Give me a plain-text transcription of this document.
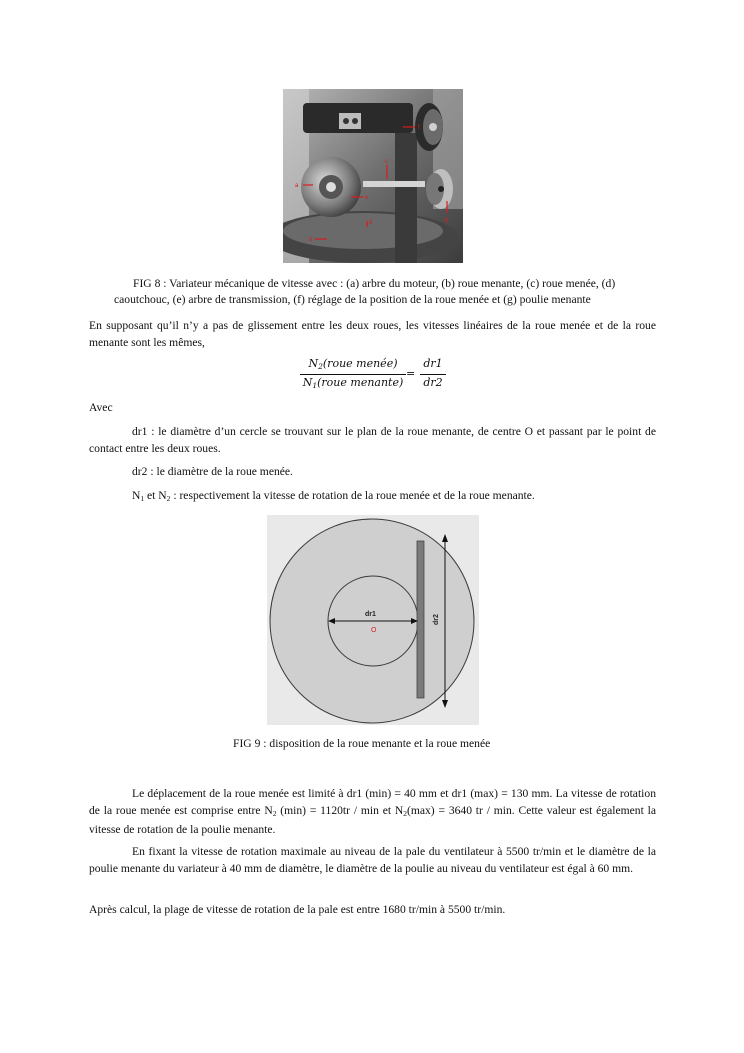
c
f
g
b
a
e
d

FIG 8 : Variateur mécanique de vitesse avec : (a) arbre du moteur, (b) roue menante, (c) roue menée, (d)

caoutchouc, (e) arbre de transmission, (f) réglage de la position de la roue menée et (g) poulie menante

En supposant qu’il n’y a pas de glissement entre les deux roues, les vitesses linéaires de la roue menée et de la roue menante sont les mêmes,

$N_2(roue$ menée)
$N_1(roue$ menante)
=
dr1
dr2

Avec

dr1 : le diamètre d’un cercle se trouvant sur le plan de la roue menante, de centre O et passant par le point de contact entre les deux roues.

dr2 : le diamètre de la roue menée.

$N_1$ et $N_2$ : respectivement la vitesse de rotation de la roue menée et de la roue menante.

dr1
O
dr2

FIG 9 : disposition de la roue menante et la roue menée

Le déplacement de la roue menée est limité à dr1 (min) = 40 mm et dr1 (max) = 130 mm. La vitesse de rotation de la roue menée est comprise entre $N_2$ (min) = 1120tr / min et $N_2(\max) = 3640$ tr / min. Cette valeur est également la vitesse de rotation de la poulie menante.

En fixant la vitesse de rotation maximale au niveau de la pale du ventilateur à 5500 tr/min et le diamètre de la poulie menante du variateur à 40 mm de diamètre, le diamètre de la poulie au niveau du ventilateur est égal à 60 mm.

Après calcul, la plage de vitesse de rotation de la pale est entre 1680 tr/min à 5500 tr/min.
